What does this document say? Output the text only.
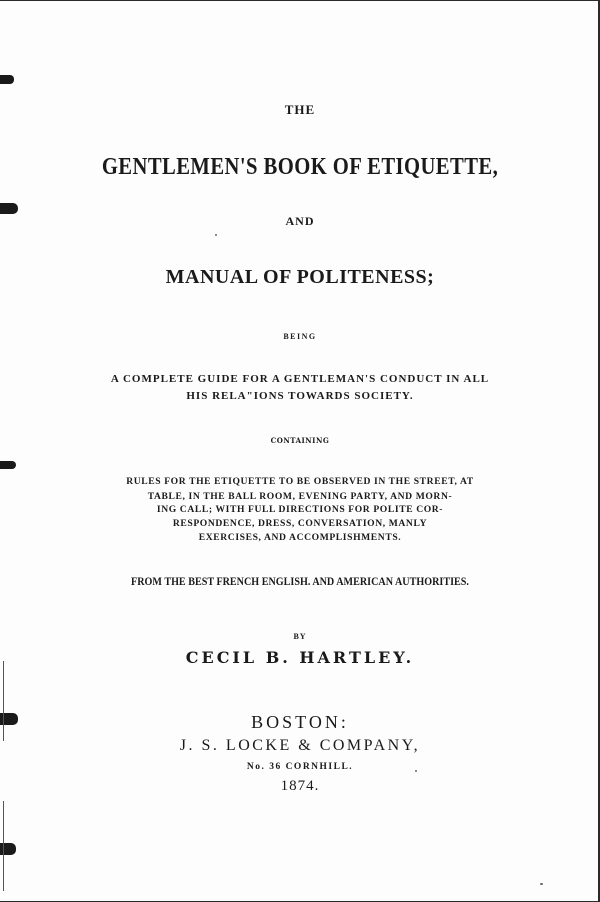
THE
GENTLEMEN'S BOOK OF ETIQUETTE,
AND
MANUAL OF POLITENESS;
BEING
A COMPLETE GUIDE FOR A GENTLEMAN'S CONDUCT IN ALL
HIS RELA"IONS TOWARDS SOCIETY.
CONTAINING
RULES FOR THE ETIQUETTE TO BE OBSERVED IN THE STREET, AT
TABLE, IN THE BALL ROOM, EVENING PARTY, AND MORN-
ING CALL; WITH FULL DIRECTIONS FOR POLITE COR-
RESPONDENCE, DRESS, CONVERSATION, MANLY
EXERCISES, AND ACCOMPLISHMENTS.
FROM THE BEST FRENCH ENGLISH. AND AMERICAN AUTHORITIES.
BY
CECIL B. HARTLEY.
BOSTON:
J. S. LOCKE & COMPANY,
No. 36 CORNHILL.
1874.
